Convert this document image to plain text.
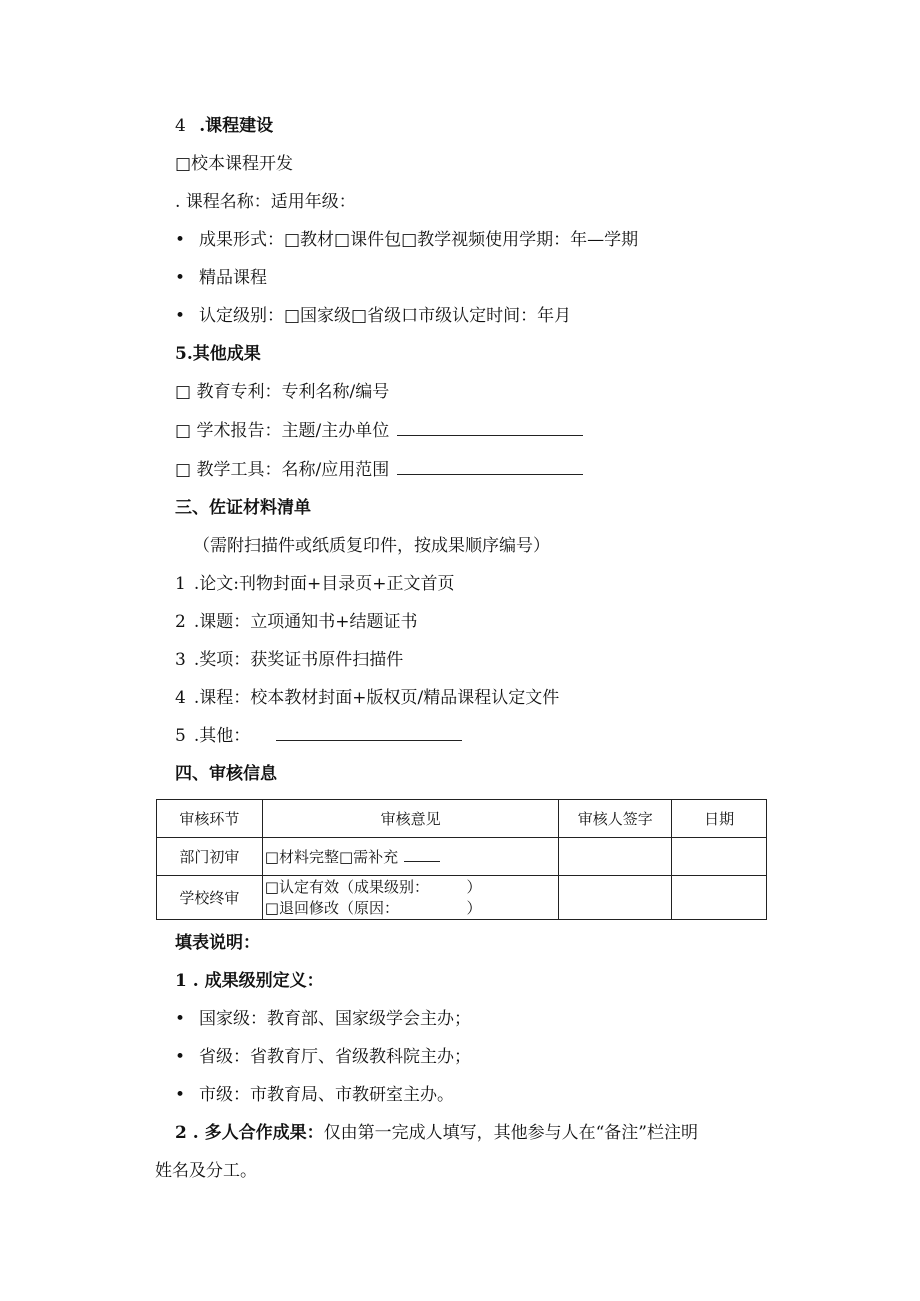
4 .课程建设
□校本课程开发
. 课程名称：适用年级：
• 成果形式：□教材□课件包□教学视频使用学期：年—学期
• 精品课程
• 认定级别：□国家级□省级口市级认定时间：年月
5.其他成果
□ 教育专利：专利名称/编号
□ 学术报告：主题/主办单位
□ 教学工具：名称/应用范围
三、佐证材料清单
（需附扫描件或纸质复印件，按成果顺序编号）
1 .论文:刊物封面+目录页+正文首页
2 .课题：立项通知书+结题证书
3 .奖项：获奖证书原件扫描件
4 .课程：校本教材封面+版权页/精品课程认定文件
5 .其他：
四、审核信息
审核环节	审核意见	审核人签字	日期
部门初审	□材料完整□需补充		
学校终审	□认定有效（成果级别：　　　）
□退回修改（原因：　　　　　）		

填表说明：
1 . 成果级别定义：
• 国家级：教育部、国家级学会主办；
• 省级：省教育厅、省级教科院主办；
• 市级：市教育局、市教研室主办。
2 . 多人合作成果：仅由第一完成人填写，其他参与人在“备注”栏注明
姓名及分工。
